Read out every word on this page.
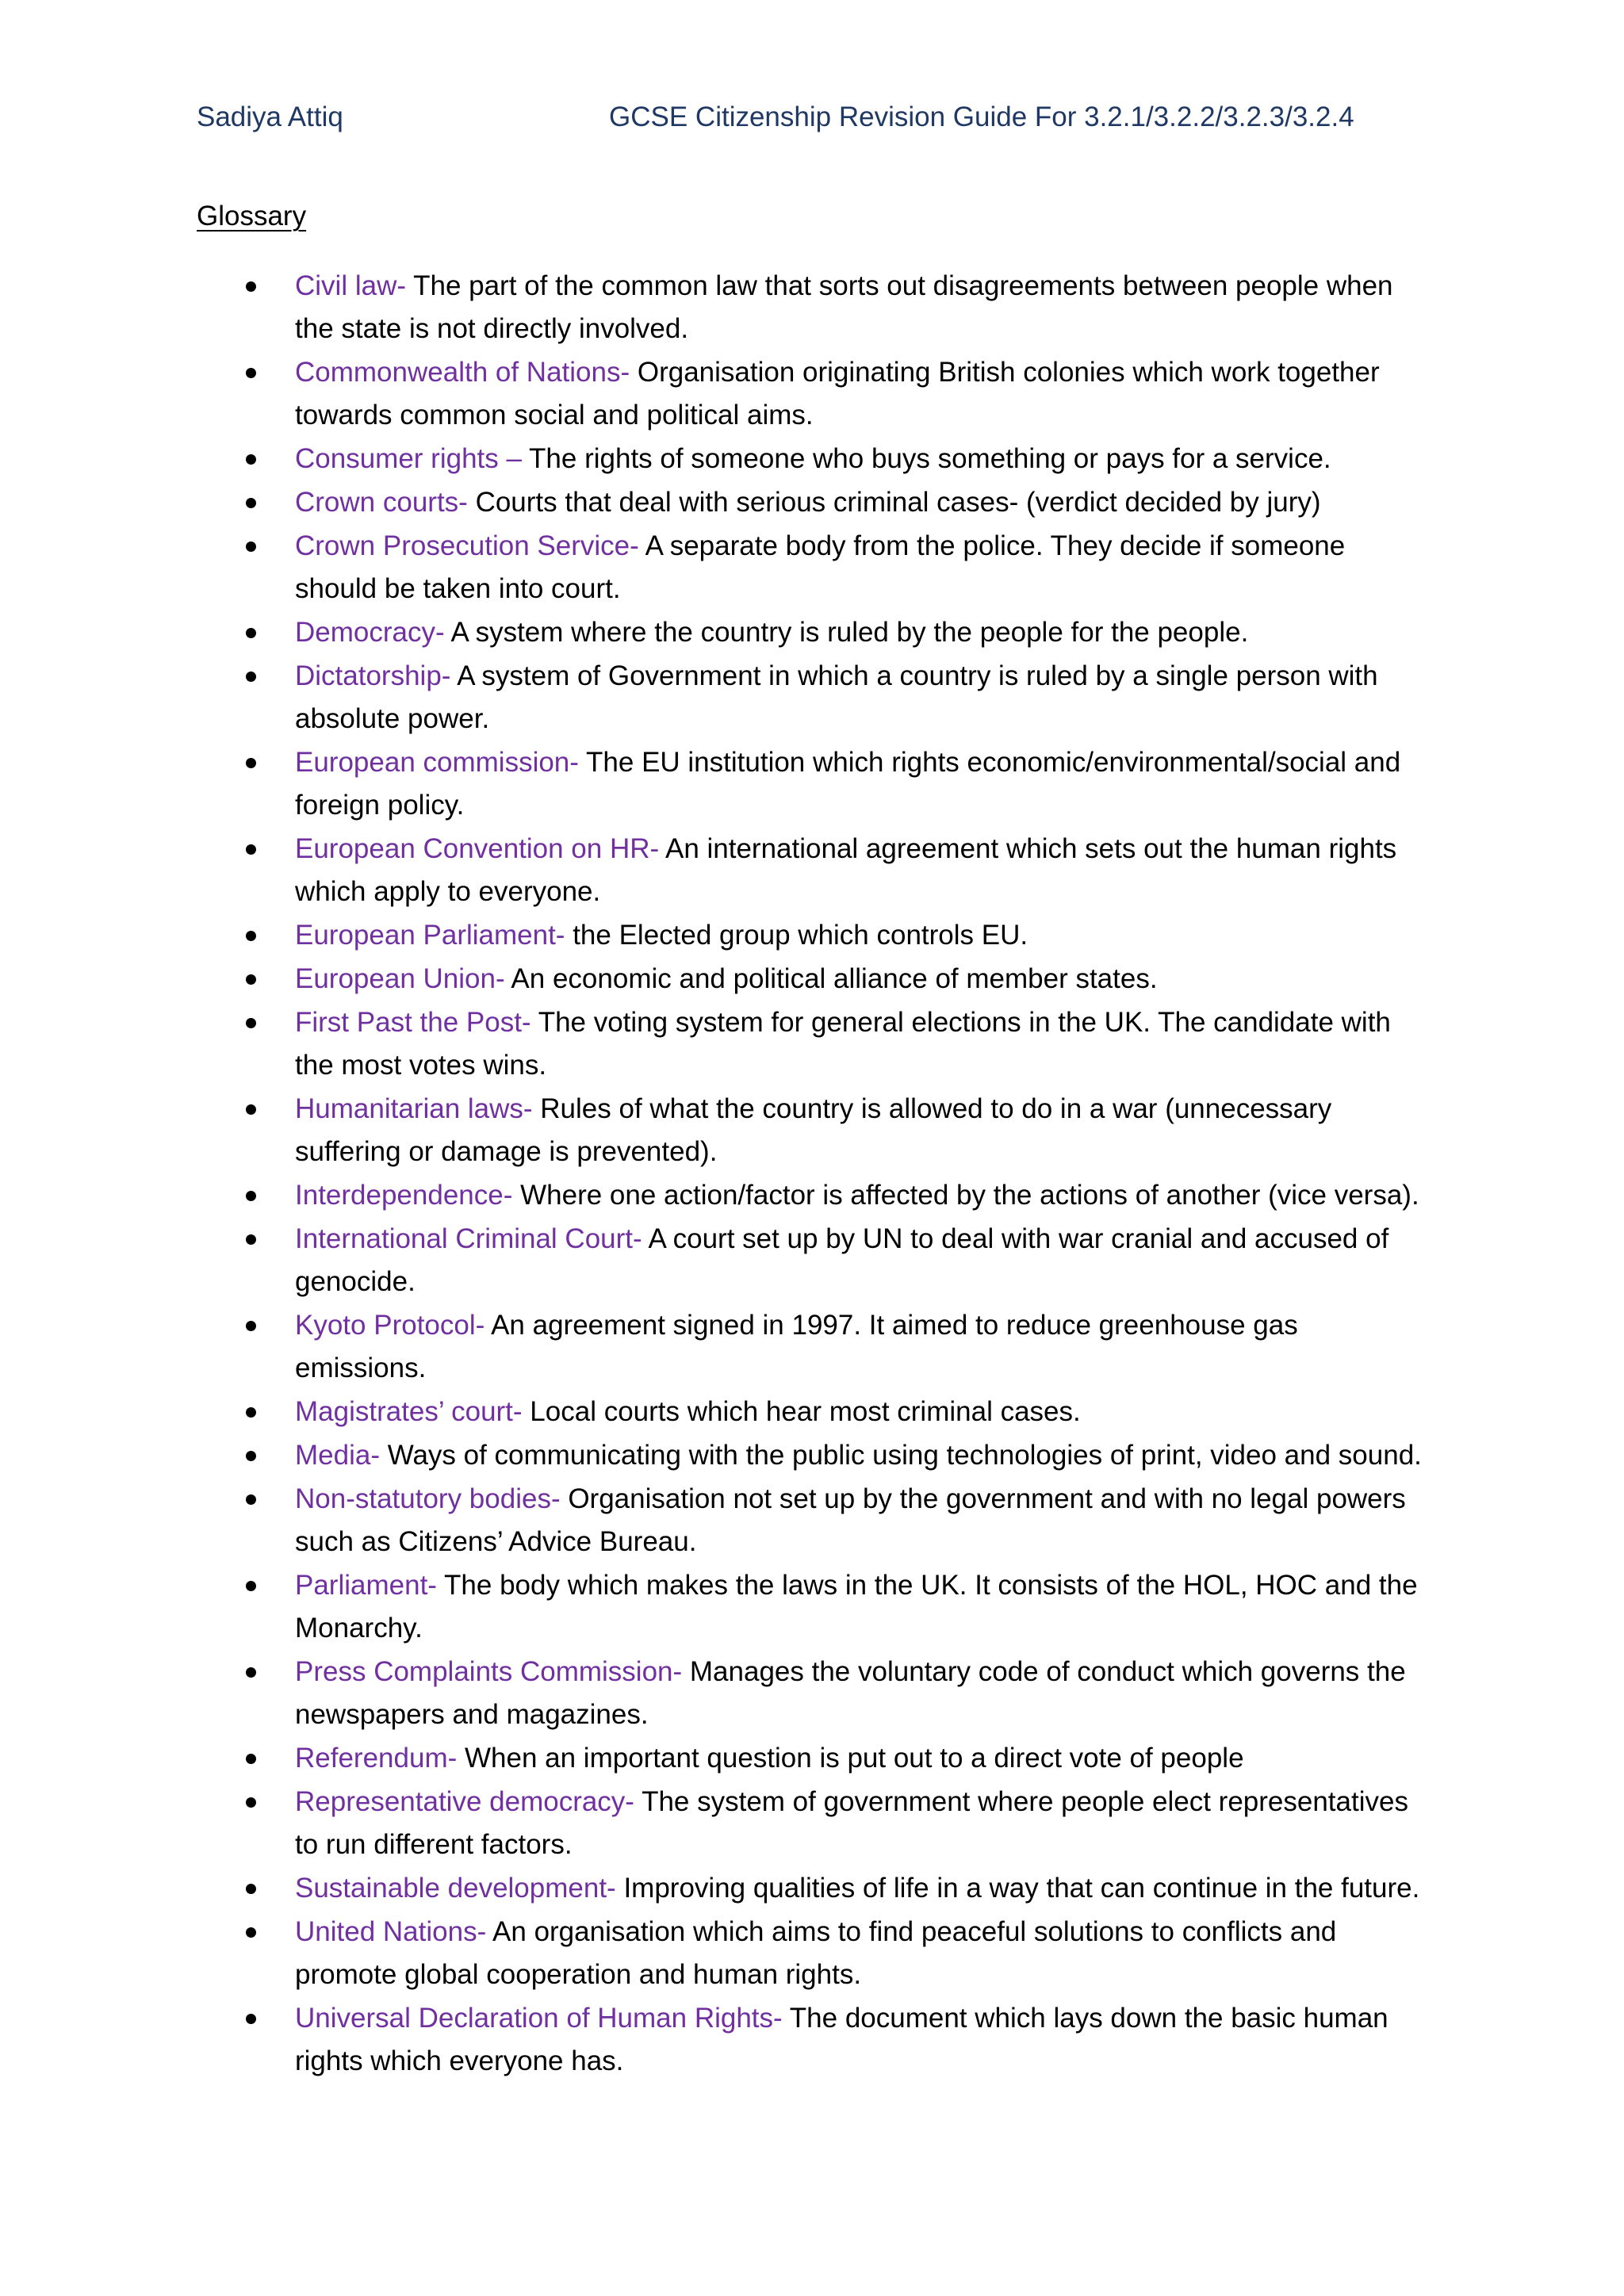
Sadiya Attiq	GCSE Citizenship Revision Guide For 3.2.1/3.2.2/3.2.3/3.2.4
Glossary
Civil law- The part of the common law that sorts out disagreements between people when the state is not directly involved.
Commonwealth of Nations- Organisation originating British colonies which work together towards common social and political aims.
Consumer rights – The rights of someone who buys something or pays for a service.
Crown courts- Courts that deal with serious criminal cases- (verdict decided by jury)
Crown Prosecution Service- A separate body from the police. They decide if someone should be taken into court.
Democracy- A system where the country is ruled by the people for the people.
Dictatorship- A system of Government in which a country is ruled by a single person with absolute power.
European commission- The EU institution which rights economic/environmental/social and foreign policy.
European Convention on HR- An international agreement which sets out the human rights which apply to everyone.
European Parliament- the Elected group which controls EU.
European Union- An economic and political alliance of member states.
First Past the Post- The voting system for general elections in the UK. The candidate with the most votes wins.
Humanitarian laws- Rules of what the country is allowed to do in a war (unnecessary suffering or damage is prevented).
Interdependence- Where one action/factor is affected by the actions of another (vice versa).
International Criminal Court- A court set up by UN to deal with war cranial and accused of genocide.
Kyoto Protocol- An agreement signed in 1997. It aimed to reduce greenhouse gas emissions.
Magistrates’ court- Local courts which hear most criminal cases.
Media- Ways of communicating with the public using technologies of print, video and sound.
Non-statutory bodies- Organisation not set up by the government and with no legal powers such as Citizens’ Advice Bureau.
Parliament- The body which makes the laws in the UK. It consists of the HOL, HOC and the Monarchy.
Press Complaints Commission- Manages the voluntary code of conduct which governs the newspapers and magazines.
Referendum- When an important question is put out to a direct vote of people
Representative democracy- The system of government where people elect representatives to run different factors.
Sustainable development- Improving qualities of life in a way that can continue in the future.
United Nations- An organisation which aims to find peaceful solutions to conflicts and promote global cooperation and human rights.
Universal Declaration of Human Rights- The document which lays down the basic human rights which everyone has.
